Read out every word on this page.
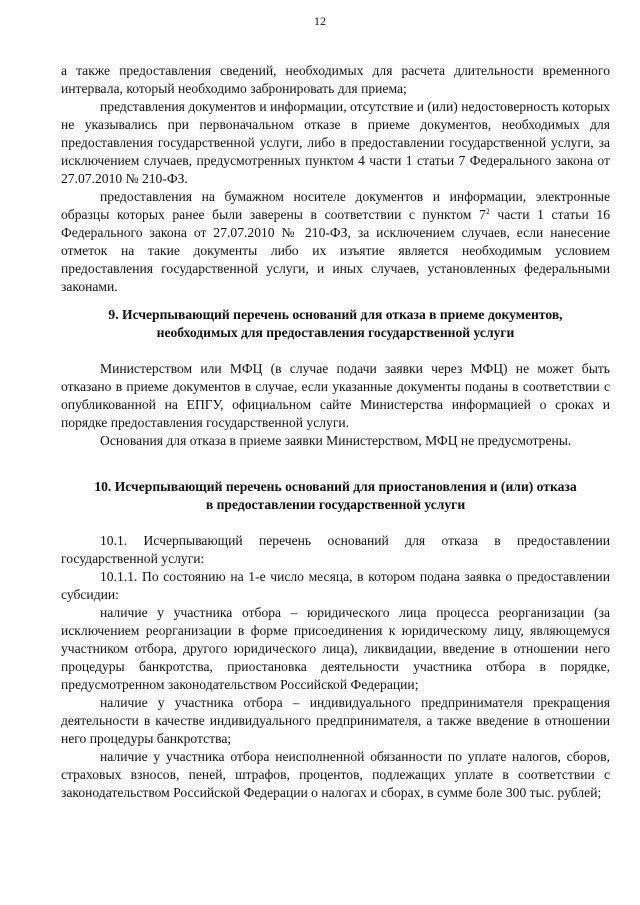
12

а также предоставления сведений, необходимых для расчета длительности временного интервала, который необходимо забронировать для приема;

представления документов и информации, отсутствие и (или) недостоверность которых не указывались при первоначальном отказе в приеме документов, необходимых для предоставления государственной услуги, либо в предоставлении государственной услуги, за исключением случаев, предусмотренных пунктом 4 части 1 статьи 7 Федерального закона от 27.07.2010 № 210-ФЗ.

предоставления на бумажном носителе документов и информации, электронные образцы которых ранее были заверены в соответствии с пунктом $7^2$ части 1 статьи 16 Федерального закона от 27.07.2010 № 210-ФЗ, за исключением случаев, если нанесение отметок на такие документы либо их изъятие является необходимым условием предоставления государственной услуги, и иных случаев, установленных федеральными законами.

9. Исчерпывающий перечень оснований для отказа в приеме документов,
необходимых для предоставления государственной услуги

Министерством или МФЦ (в случае подачи заявки через МФЦ) не может быть отказано в приеме документов в случае, если указанные документы поданы в соответствии с опубликованной на ЕПГУ, официальном сайте Министерства информацией о сроках и порядке предоставления государственной услуги.

Основания для отказа в приеме заявки Министерством, МФЦ не предусмотрены.

10. Исчерпывающий перечень оснований для приостановления и (или) отказа
в предоставлении государственной услуги

10.1. Исчерпывающий перечень оснований для отказа в предоставлении государственной услуги:

10.1.1. По состоянию на 1-е число месяца, в котором подана заявка о предоставлении субсидии:

наличие у участника отбора – юридического лица процесса реорганизации (за исключением реорганизации в форме присоединения к юридическому лицу, являющемуся участником отбора, другого юридического лица), ликвидации, введение в отношении него процедуры банкротства, приостановка деятельности участника отбора в порядке, предусмотренном законодательством Российской Федерации;

наличие у участника отбора – индивидуального предпринимателя прекращения деятельности в качестве индивидуального предпринимателя, а также введение в отношении него процедуры банкротства;

наличие у участника отбора неисполненной обязанности по уплате налогов, сборов, страховых взносов, пеней, штрафов, процентов, подлежащих уплате в соответствии с законодательством Российской Федерации о налогах и сборах, в сумме боле 300 тыс. рублей;
